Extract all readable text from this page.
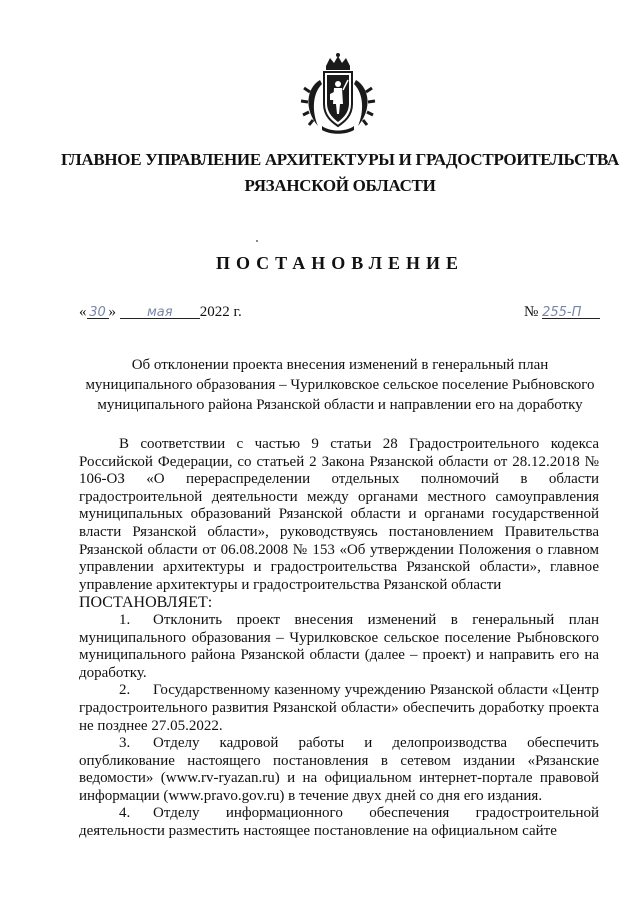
ГЛАВНОЕ УПРАВЛЕНИЕ АРХИТЕКТУРЫ И ГРАДОСТРОИТЕЛЬСТВА
РЯЗАНСКОЙ ОБЛАСТИ
ПОСТАНОВЛЕНИЕ
« 30 » мая 2022 г.	№ 255-П
Об отклонении проекта внесения изменений в генеральный план
муниципального образования – Чурилковское сельское поселение Рыбновского
муниципального района Рязанской области и направлении его на доработку

В соответствии с частью 9 статьи 28 Градостроительного кодекса Российской Федерации, со статьей 2 Закона Рязанской области от 28.12.2018 № 106-ОЗ «О перераспределении отдельных полномочий в области градостроительной деятельности между органами местного самоуправления муниципальных образований Рязанской области и органами государственной власти Рязанской области», руководствуясь постановлением Правительства Рязанской области от 06.08.2008 № 153 «Об утверждении Положения о главном управлении архитектуры и градостроительства Рязанской области», главное управление архитектуры и градостроительства Рязанской области

ПОСТАНОВЛЯЕТ:

1. Отклонить проект внесения изменений в генеральный план муниципального образования – Чурилковское сельское поселение Рыбновского муниципального района Рязанской области (далее – проект) и направить его на доработку.

2. Государственному казенному учреждению Рязанской области «Центр градостроительного развития Рязанской области» обеспечить доработку проекта не позднее 27.05.2022.

3. Отделу кадровой работы и делопроизводства обеспечить опубликование настоящего постановления в сетевом издании «Рязанские ведомости» (www.rv-ryazan.ru) и на официальном интернет-портале правовой информации (www.pravo.gov.ru) в течение двух дней со дня его издания.

4. Отделу информационного обеспечения градостроительной деятельности разместить настоящее постановление на официальном сайте
